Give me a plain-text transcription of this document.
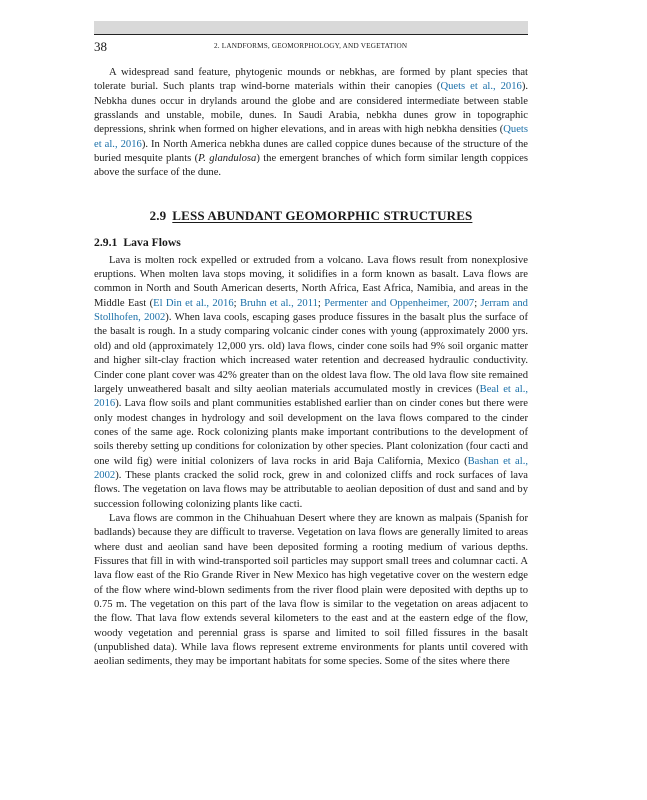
38	2. LANDFORMS, GEOMORPHOLOGY, AND VEGETATION

A widespread sand feature, phytogenic mounds or nebkhas, are formed by plant species that tolerate burial. Such plants trap wind-borne materials within their canopies (Quets et al., 2016). Nebkha dunes occur in drylands around the globe and are considered intermediate between stable grasslands and unstable, mobile, dunes. In Saudi Arabia, nebkha dunes grow in topographic depressions, shrink when formed on higher elevations, and in areas with high nebkha densities (Quets et al., 2016). In North America nebkha dunes are called coppice dunes because of the structure of the buried mesquite plants (P. glandulosa) the emergent branches of which form similar length coppices above the surface of the dune.

2.9 LESS ABUNDANT GEOMORPHIC STRUCTURES
2.9.1 Lava Flows

Lava is molten rock expelled or extruded from a volcano. Lava flows result from nonexplosive eruptions. When molten lava stops moving, it solidifies in a form known as basalt. Lava flows are common in North and South American deserts, North Africa, East Africa, Namibia, and areas in the Middle East (El Din et al., 2016; Bruhn et al., 2011; Permenter and Oppenheimer, 2007; Jerram and Stollhofen, 2002). When lava cools, escaping gases produce fissures in the basalt plus the surface of the basalt is rough. In a study comparing volcanic cinder cones with young (approximately 2000 yrs. old) and old (approximately 12,000 yrs. old) lava flows, cinder cone soils had 9% soil organic matter and higher silt-clay fraction which increased water retention and decreased hydraulic conductivity. Cinder cone plant cover was 42% greater than on the oldest lava flow. The old lava flow site remained largely unweathered basalt and silty aeolian materials accumulated mostly in crevices (Beal et al., 2016). Lava flow soils and plant communities established earlier than on cinder cones but there were only modest changes in hydrology and soil development on the lava flows compared to the cinder cones of the same age. Rock colonizing plants make important contributions to the development of soils thereby setting up conditions for colonization by other species. Plant colonization (four cacti and one wild fig) were initial colonizers of lava rocks in arid Baja California, Mexico (Bashan et al., 2002). These plants cracked the solid rock, grew in and colonized cliffs and rock surfaces of lava flows. The vegetation on lava flows may be attributable to aeolian deposition of dust and sand and by succession following colonizing plants like cacti.

Lava flows are common in the Chihuahuan Desert where they are known as malpais (Spanish for badlands) because they are difficult to traverse. Vegetation on lava flows are generally limited to areas where dust and aeolian sand have been deposited forming a rooting medium of various depths. Fissures that fill in with wind-transported soil particles may support small trees and columnar cacti. A lava flow east of the Rio Grande River in New Mexico has high vegetative cover on the western edge of the flow where wind-blown sediments from the river flood plain were deposited with depths up to 0.75 m. The vegetation on this part of the lava flow is similar to the vegetation on areas adjacent to the flow. That lava flow extends several kilometers to the east and at the eastern edge of the flow, woody vegetation and perennial grass is sparse and limited to soil filled fissures in the basalt (unpublished data). While lava flows represent extreme environments for plants until covered with aeolian sediments, they may be important habitats for some species. Some of the sites where there
